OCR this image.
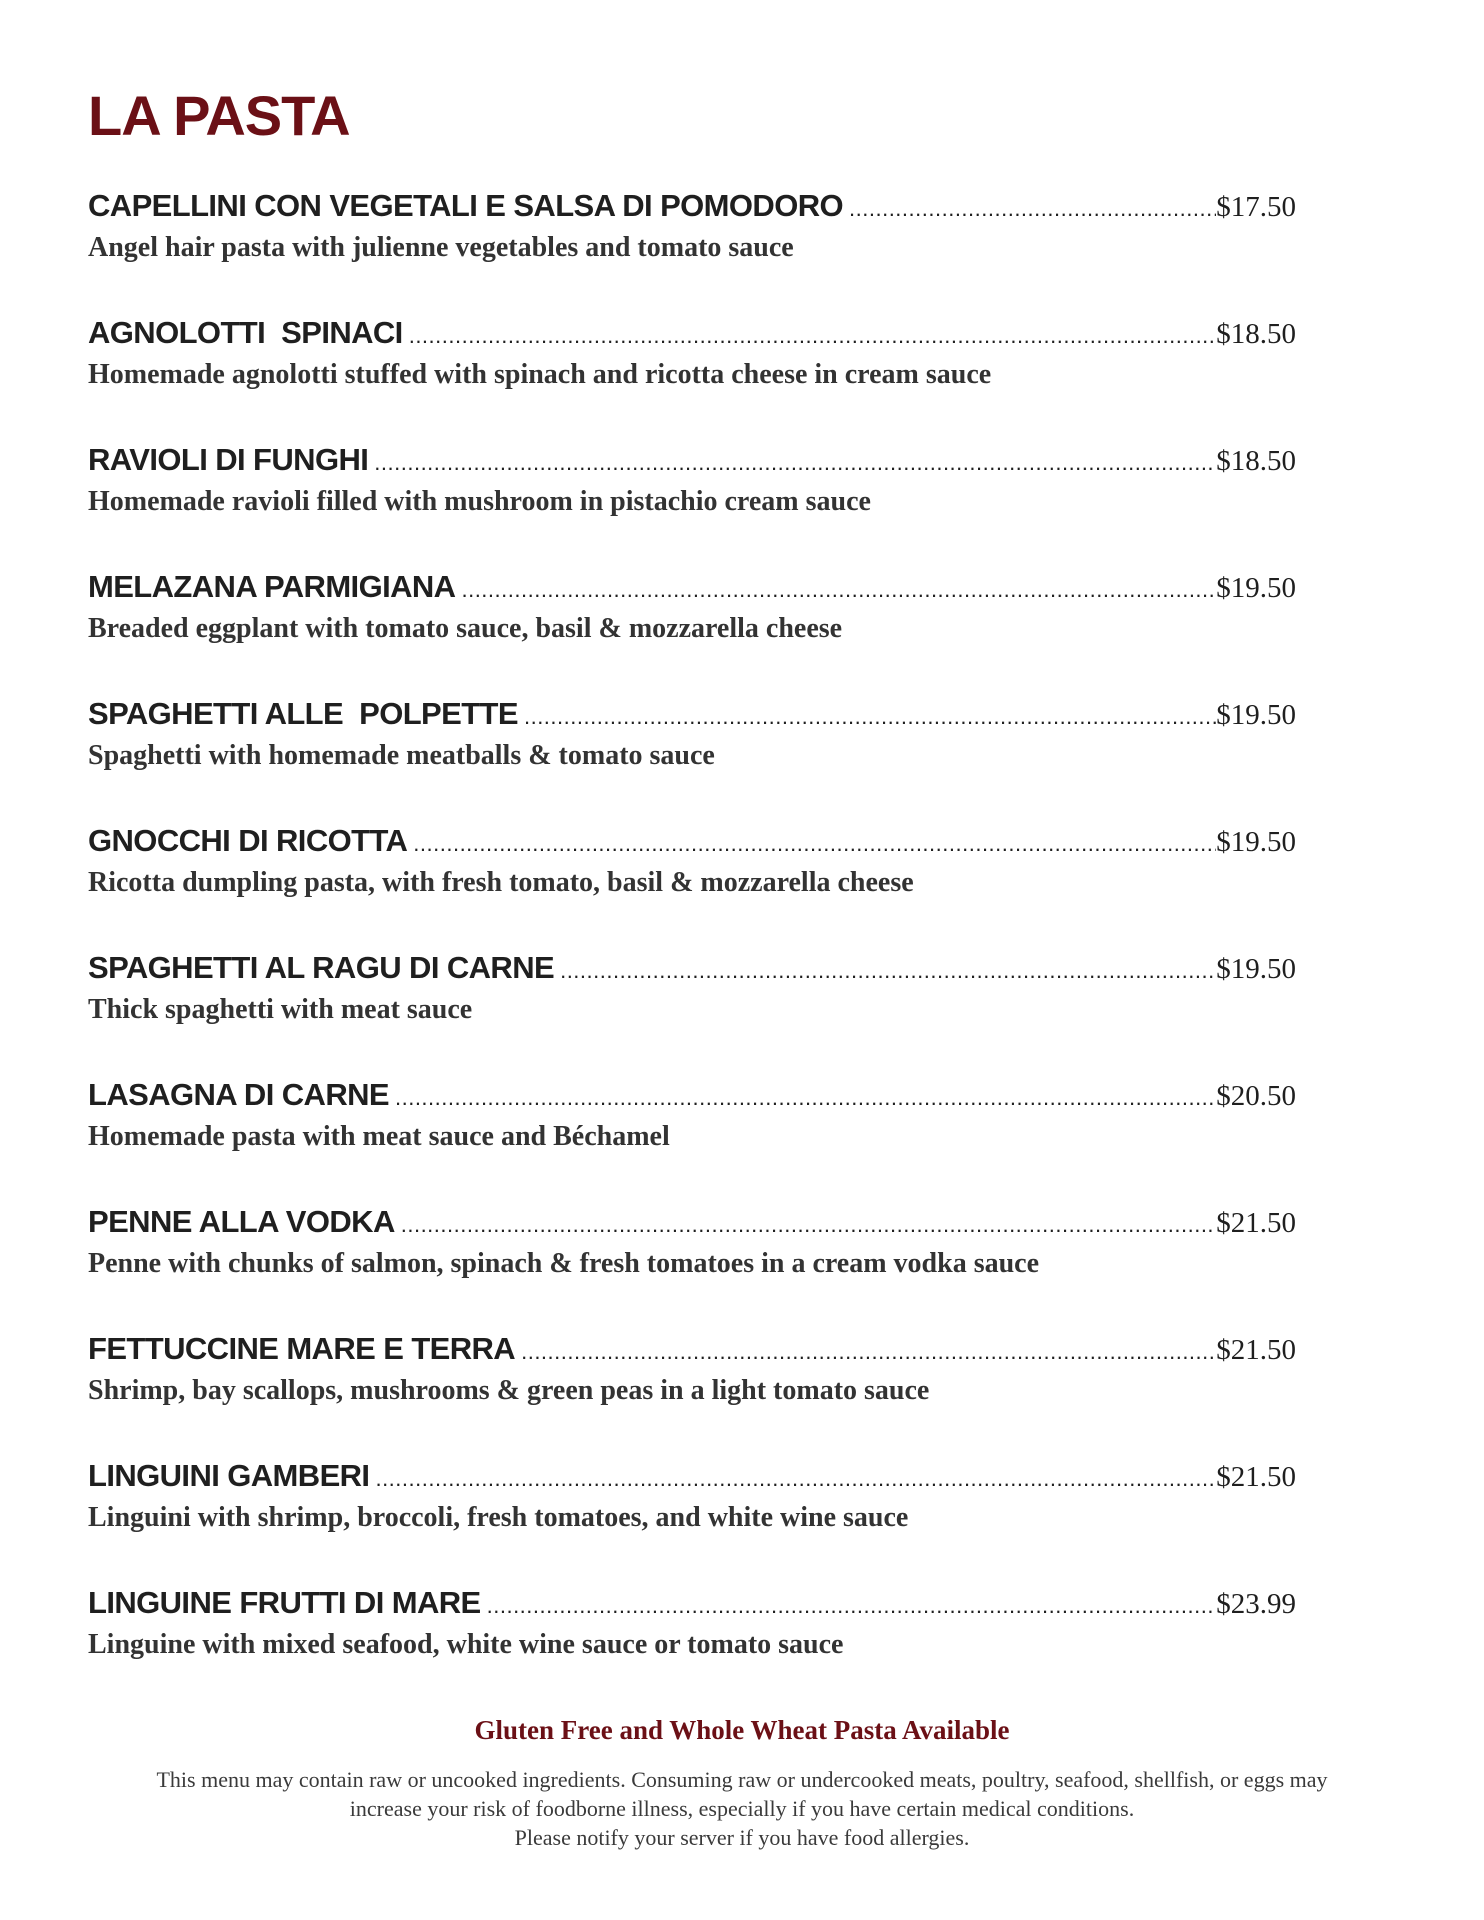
LA PASTA
CAPELLINI CON VEGETALI E SALSA DI POMODORO .....	$17.50
Angel hair pasta with julienne vegetables and tomato sauce
AGNOLOTTI  SPINACI .....	$18.50
Homemade agnolotti stuffed with spinach and ricotta cheese in cream sauce
RAVIOLI DI FUNGHI .....	$18.50
Homemade ravioli filled with mushroom in pistachio cream sauce
MELAZANA PARMIGIANA .....	$19.50
Breaded eggplant with tomato sauce, basil & mozzarella cheese
SPAGHETTI ALLE  POLPETTE .....	$19.50
Spaghetti with homemade meatballs & tomato sauce
GNOCCHI DI RICOTTA .....	$19.50
Ricotta dumpling pasta, with fresh tomato, basil & mozzarella cheese
SPAGHETTI AL RAGU DI CARNE .....	$19.50
Thick spaghetti with meat sauce
LASAGNA DI CARNE .....	$20.50
Homemade pasta with meat sauce and Béchamel
PENNE ALLA VODKA .....	$21.50
Penne with chunks of salmon, spinach & fresh tomatoes in a cream vodka sauce
FETTUCCINE MARE E TERRA .....	$21.50
Shrimp, bay scallops, mushrooms & green peas in a light tomato sauce
LINGUINI GAMBERI .....	$21.50
Linguini with shrimp, broccoli, fresh tomatoes, and white wine sauce
LINGUINE FRUTTI DI MARE .....	$23.99
Linguine with mixed seafood, white wine sauce or tomato sauce
Gluten Free and Whole Wheat Pasta Available
This menu may contain raw or uncooked ingredients. Consuming raw or undercooked meats, poultry, seafood, shellfish, or eggs may
increase your risk of foodborne illness, especially if you have certain medical conditions.
Please notify your server if you have food allergies.
